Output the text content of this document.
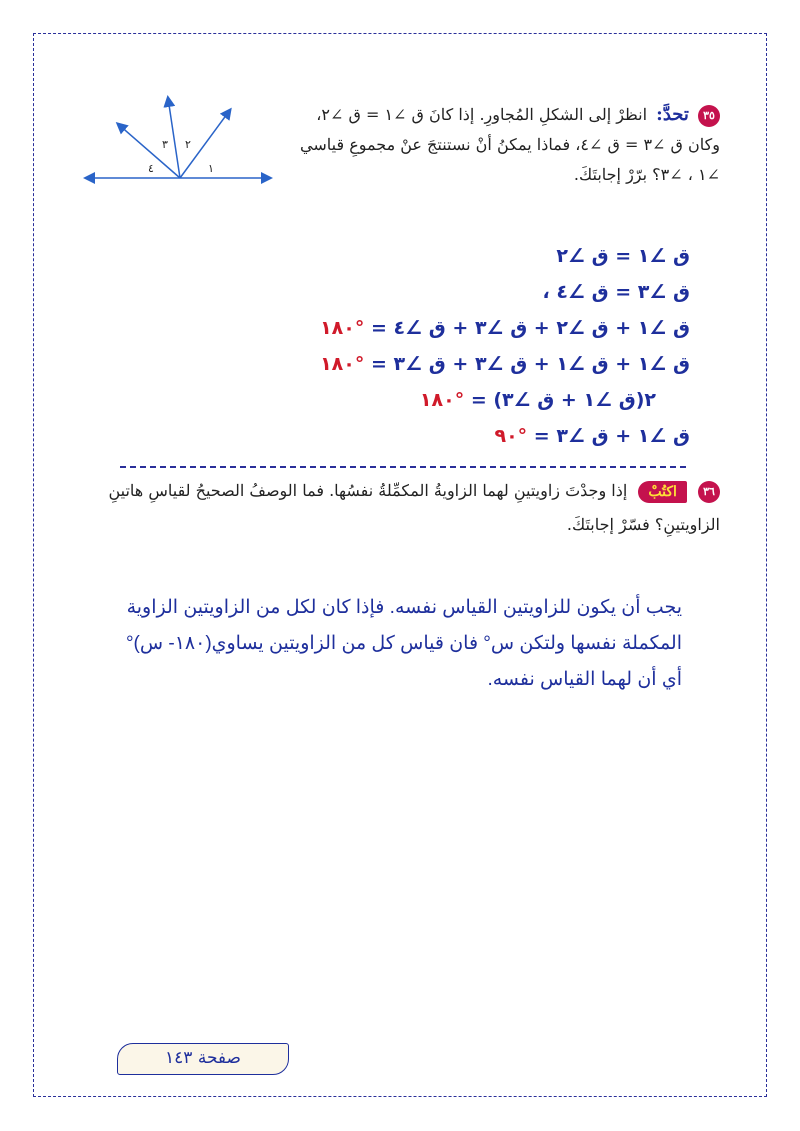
١
٢
٣
٤
٣٥ تحدَّ: انظرْ إلى الشكلِ المُجاورِ. إذا كانَ ق ∠١ = ق ∠٢، وكان ق ∠٣ = ق ∠٤، فماذا يمكنُ أنْ نستنتجَ عنْ مجموعِ قياسي ∠١ ، ∠٣؟ برّرْ إجابتَكَ.
ق ∠١ = ق ∠٢
ق ∠٣ = ق ∠٤ ،
ق ∠١ + ق ∠٢ + ق ∠٣ + ق ∠٤ = °١٨٠
ق ∠١ + ق ∠١ + ق ∠٣ + ق ∠٣ = °١٨٠
٢(ق ∠١ + ق ∠٣) = °١٨٠
ق ∠١ + ق ∠٣ = °٩٠
٣٦ اكتُبْ إذا وجدْتَ زاويتينِ لهما الزاويةُ المكمِّلةُ نفسُها. فما الوصفُ الصحيحُ لقياسِ هاتينِ الزاويتينِ؟ فسّرْ إجابتَكَ.
يجب أن يكون للزاويتين القياس نفسه. فإذا كان لكل من الزاويتين الزاوية المكملة نفسها ولتكن س° فان قياس كل من الزاويتين يساوي(١٨٠- س)° أي أن لهما القياس نفسه.
صفحة ١٤٣
